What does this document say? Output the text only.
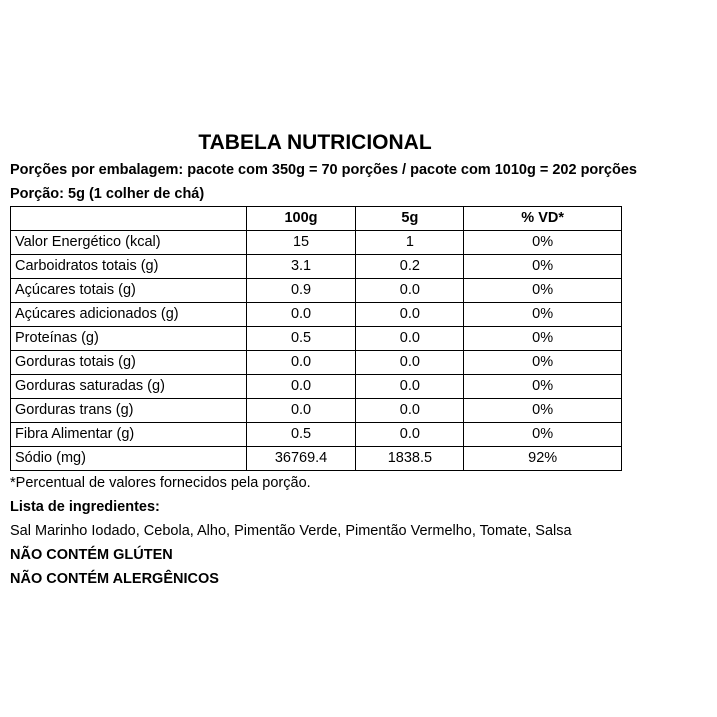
TABELA NUTRICIONAL
Porções por embalagem: pacote com 350g = 70 porções / pacote com 1010g = 202 porções
Porção: 5g (1 colher de chá)
	100g	5g	% VD*
Valor Energético (kcal)	15	1	0%
Carboidratos totais (g)	3.1	0.2	0%
Açúcares totais (g)	0.9	0.0	0%
Açúcares adicionados (g)	0.0	0.0	0%
Proteínas (g)	0.5	0.0	0%
Gorduras totais (g)	0.0	0.0	0%
Gorduras saturadas (g)	0.0	0.0	0%
Gorduras trans (g)	0.0	0.0	0%
Fibra Alimentar (g)	0.5	0.0	0%
Sódio (mg)	36769.4	1838.5	92%
*Percentual de valores fornecidos pela porção.
Lista de ingredientes:
Sal Marinho Iodado, Cebola, Alho, Pimentão Verde, Pimentão Vermelho, Tomate, Salsa
NÃO CONTÉM GLÚTEN
NÃO CONTÉM ALERGÊNICOS
